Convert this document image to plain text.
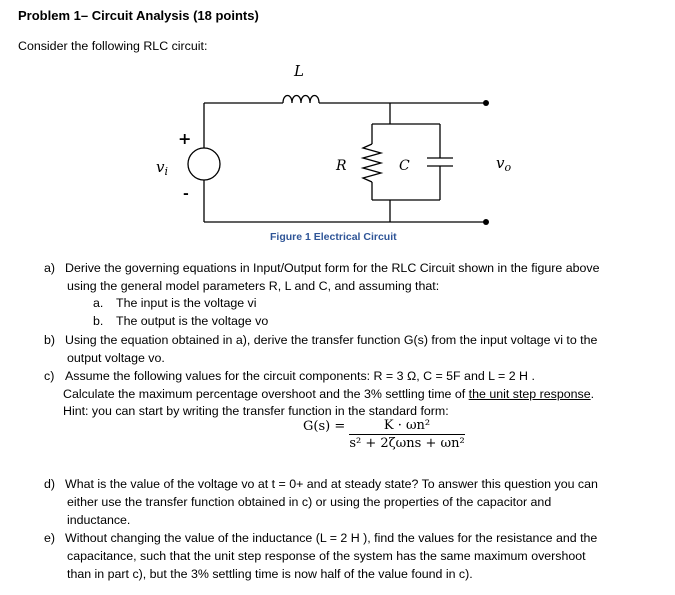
Problem 1– Circuit Analysis (18 points)
Consider the following RLC circuit:
L
R	C
+
-
$v_i$	$v_o$
Figure 1 Electrical Circuit
a) Derive the governing equations in Input/Output form for the RLC Circuit shown in the figure above
using the general model parameters R, L and C, and assuming that:
a. The input is the voltage vi
b. The output is the voltage vo
b) Using the equation obtained in a), derive the transfer function G(s) from the input voltage vi to the
output voltage vo.
c) Assume the following values for the circuit components: R = 3 Ω, C = 5F and L = 2 H .
Calculate the maximum percentage overshoot and the 3% settling time of the unit step response.
Hint: you can start by writing the transfer function in the standard form:
G(s) =	K · ωn²
s² + 2ζωns + ωn²
d) What is the value of the voltage vo at t = 0+ and at steady state? To answer this question you can
either use the transfer function obtained in c) or using the properties of the capacitor and
inductance.
e) Without changing the value of the inductance (L = 2 H ), find the values for the resistance and the
capacitance, such that the unit step response of the system has the same maximum overshoot
than in part c), but the 3% settling time is now half of the value found in c).
